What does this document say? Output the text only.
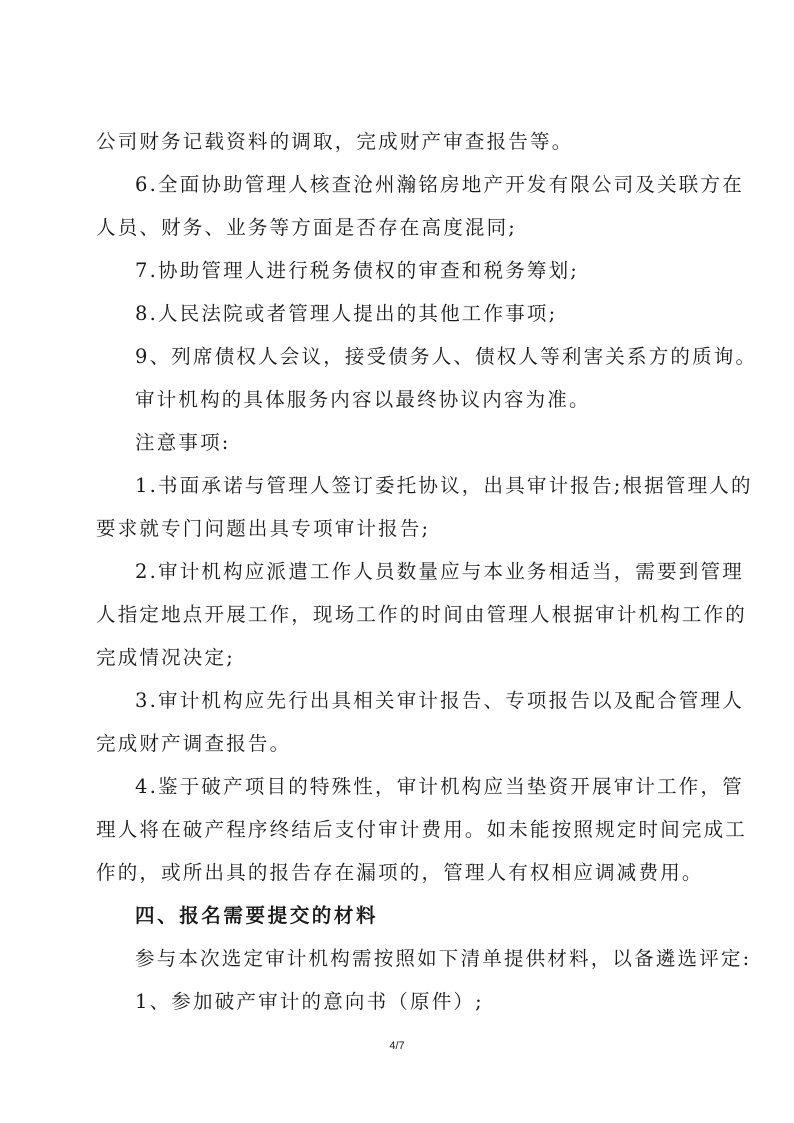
公司财务记载资料的调取，完成财产审查报告等。
6.全面协助管理人核查沧州瀚铭房地产开发有限公司及关联方在
人员、财务、业务等方面是否存在高度混同;
7.协助管理人进行税务债权的审查和税务筹划;
8.人民法院或者管理人提出的其他工作事项;
9、列席债权人会议，接受债务人、债权人等利害关系方的质询。
审计机构的具体服务内容以最终协议内容为准。
注意事项:
1.书面承诺与管理人签订委托协议，出具审计报告;根据管理人的
要求就专门问题出具专项审计报告;
2.审计机构应派遣工作人员数量应与本业务相适当，需要到管理
人指定地点开展工作，现场工作的时间由管理人根据审计机构工作的
完成情况决定;
3.审计机构应先行出具相关审计报告、专项报告以及配合管理人
完成财产调查报告。
4.鉴于破产项目的特殊性，审计机构应当垫资开展审计工作，管
理人将在破产程序终结后支付审计费用。如未能按照规定时间完成工
作的，或所出具的报告存在漏项的，管理人有权相应调减费用。
四、报名需要提交的材料
参与本次选定审计机构需按照如下清单提供材料，以备遴选评定:
1、参加破产审计的意向书（原件）;
4/7
